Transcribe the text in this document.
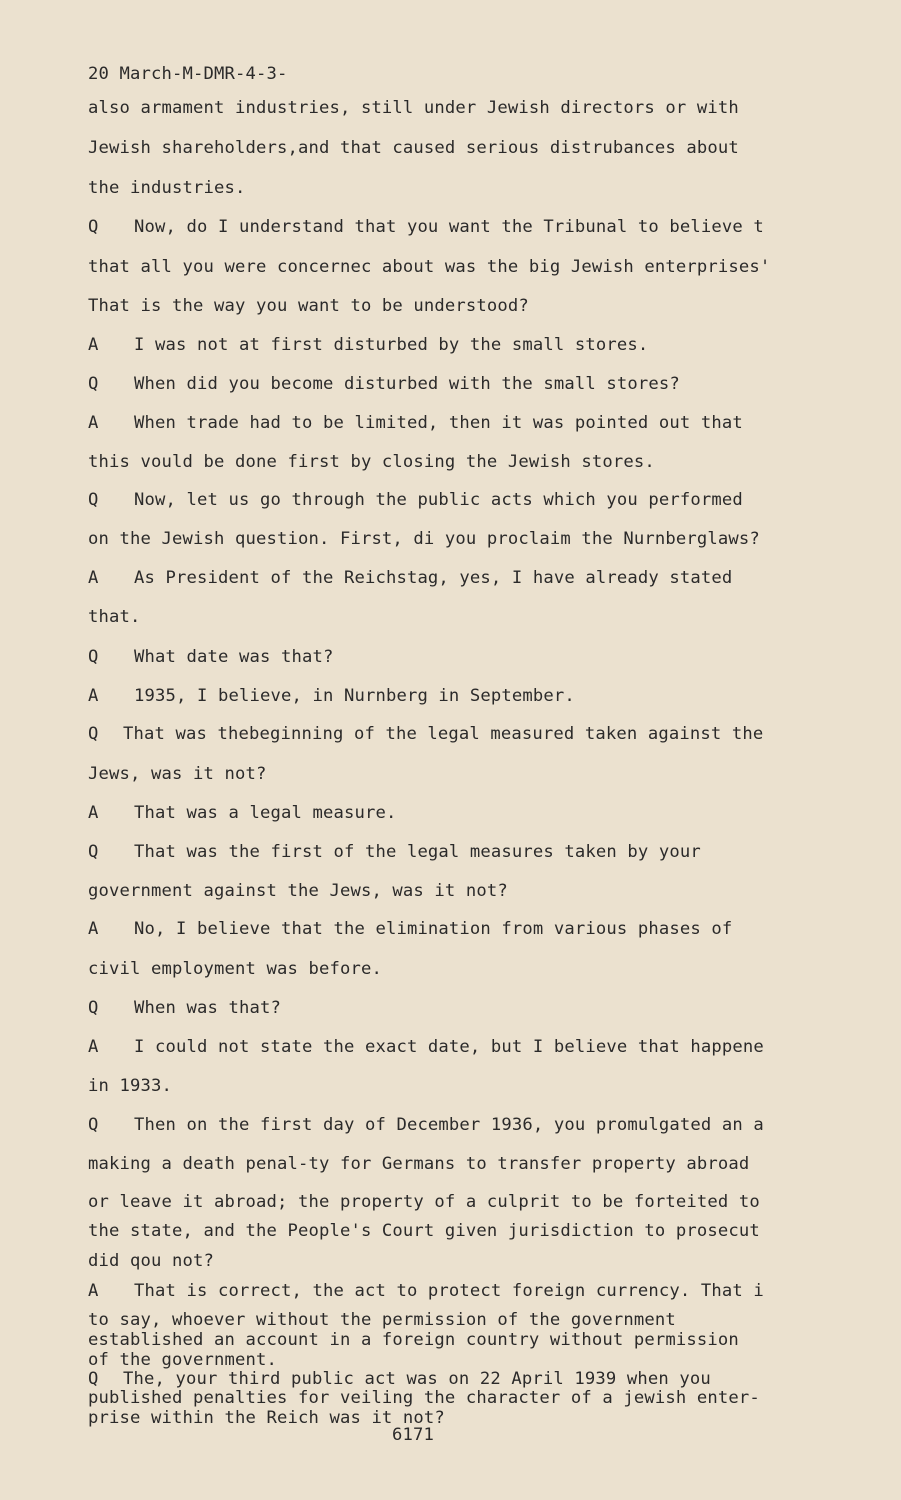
20 March-M-DMR-4-3-
also armament industries, still under Jewish directors or with
Jewish shareholders,and that caused serious distrubances about
the industries.
Q Now, do I understand that you want the Tribunal to believe t
that all you were concernec about was the big Jewish enterprises'
That is the way you want to be understood?
A I was not at first disturbed by the small stores.
Q When did you become disturbed with the small stores?
A When trade had to be limited, then it was pointed out that
this vould be done first by closing the Jewish stores.
Q Now, let us go through the public acts which you performed
on the Jewish question. First, di you proclaim the Nurnberglaws?
A As President of the Reichstag, yes, I have already stated
that.
Q What date was that?
A 1935, I believe, in Nurnberg in September.
Q That was thebeginning of the legal measured taken against the
Jews, was it not?
A That was a legal measure.
Q That was the first of the legal measures taken by your
government against the Jews, was it not?
A No, I believe that the elimination from various phases of
civil employment was before.
Q When was that?
A I could not state the exact date, but I believe that happene
in 1933.
Q Then on the first day of December 1936, you promulgated an a
making a death penal-ty for Germans to transfer property abroad
or leave it abroad; the property of a culprit to be forteited to
the state, and the People's Court given jurisdiction to prosecut
did qou not?
A That is correct, the act to protect foreign currency. That i
to say, whoever without the permission of the government
established an account in a foreign country without permission
of the government.
Q The, your third public act was on 22 April 1939 when you
published penalties for veiling the character of a jewish enter-
prise within the Reich was it not?
6171
